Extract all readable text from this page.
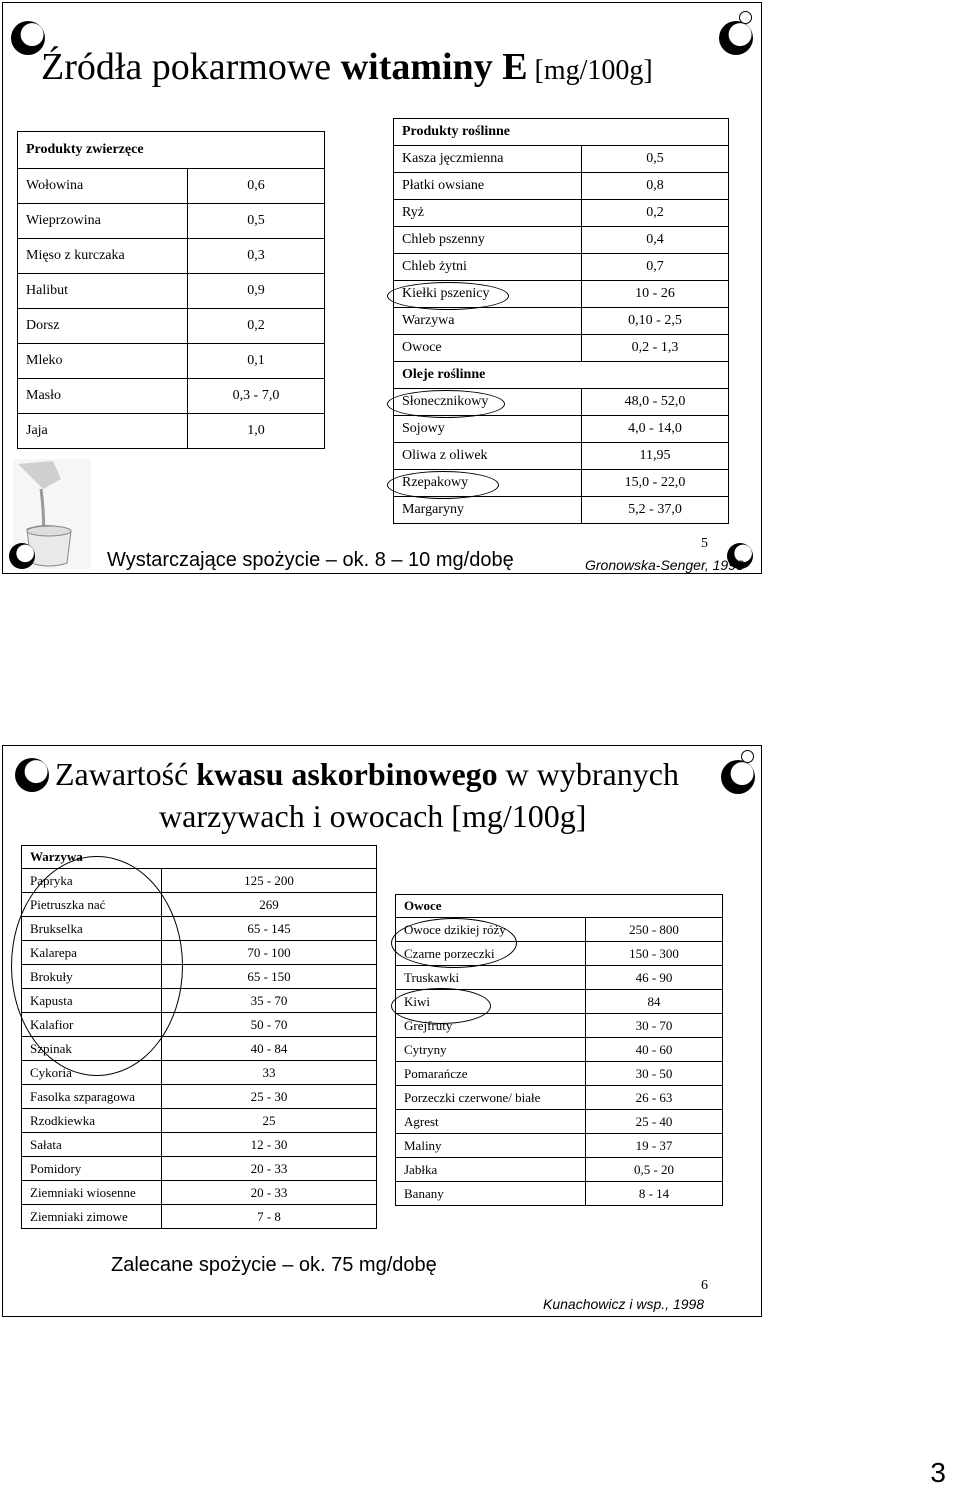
Źródła pokarmowe witaminy E [mg/100g]
Produkty zwierzęce	
Wołowina	0,6
Wieprzowina	0,5
Mięso z kurczaka	0,3
Halibut	0,9
Dorsz	0,2
Mleko	0,1
Masło	0,3 - 7,0
Jaja	1,0
Produkty roślinne	
Kasza jęczmienna	0,5
Płatki owsiane	0,8
Ryż	0,2
Chleb pszenny	0,4
Chleb żytni	0,7
Kiełki pszenicy	10 - 26
Warzywa	0,10 - 2,5
Owoce	0,2 - 1,3
Oleje roślinne	
Słonecznikowy	48,0 - 52,0
Sojowy	4,0 - 14,0
Oliwa z oliwek	11,95
Rzepakowy	15,0 - 22,0
Margaryny	5,2 - 37,0
Wystarczające spożycie – ok. 8 – 10 mg/dobę
5
Gronowska-Senger, 1998
Zawartość kwasu askorbinowego w wybranych
warzywach i owocach [mg/100g]
Warzywa	
Papryka	125 - 200
Pietruszka nać	269
Brukselka	65 - 145
Kalarepa	70 - 100
Brokuły	65 - 150
Kapusta	35 - 70
Kalafior	50 - 70
Szpinak	40 - 84
Cykoria	33
Fasolka szparagowa	25 - 30
Rzodkiewka	25
Sałata	12 - 30
Pomidory	20 - 33
Ziemniaki wiosenne	20 - 33
Ziemniaki zimowe	7 - 8
Owoce	
Owoce dzikiej róży	250 - 800
Czarne porzeczki	150 - 300
Truskawki	46 - 90
Kiwi	84
Grejfruty	30 - 70
Cytryny	40 - 60
Pomarańcze	30 - 50
Porzeczki czerwone/ białe	26 - 63
Agrest	25 - 40
Maliny	19 - 37
Jabłka	0,5 - 20
Banany	8 - 14
Zalecane spożycie – ok. 75 mg/dobę
6
Kunachowicz i wsp., 1998
3
